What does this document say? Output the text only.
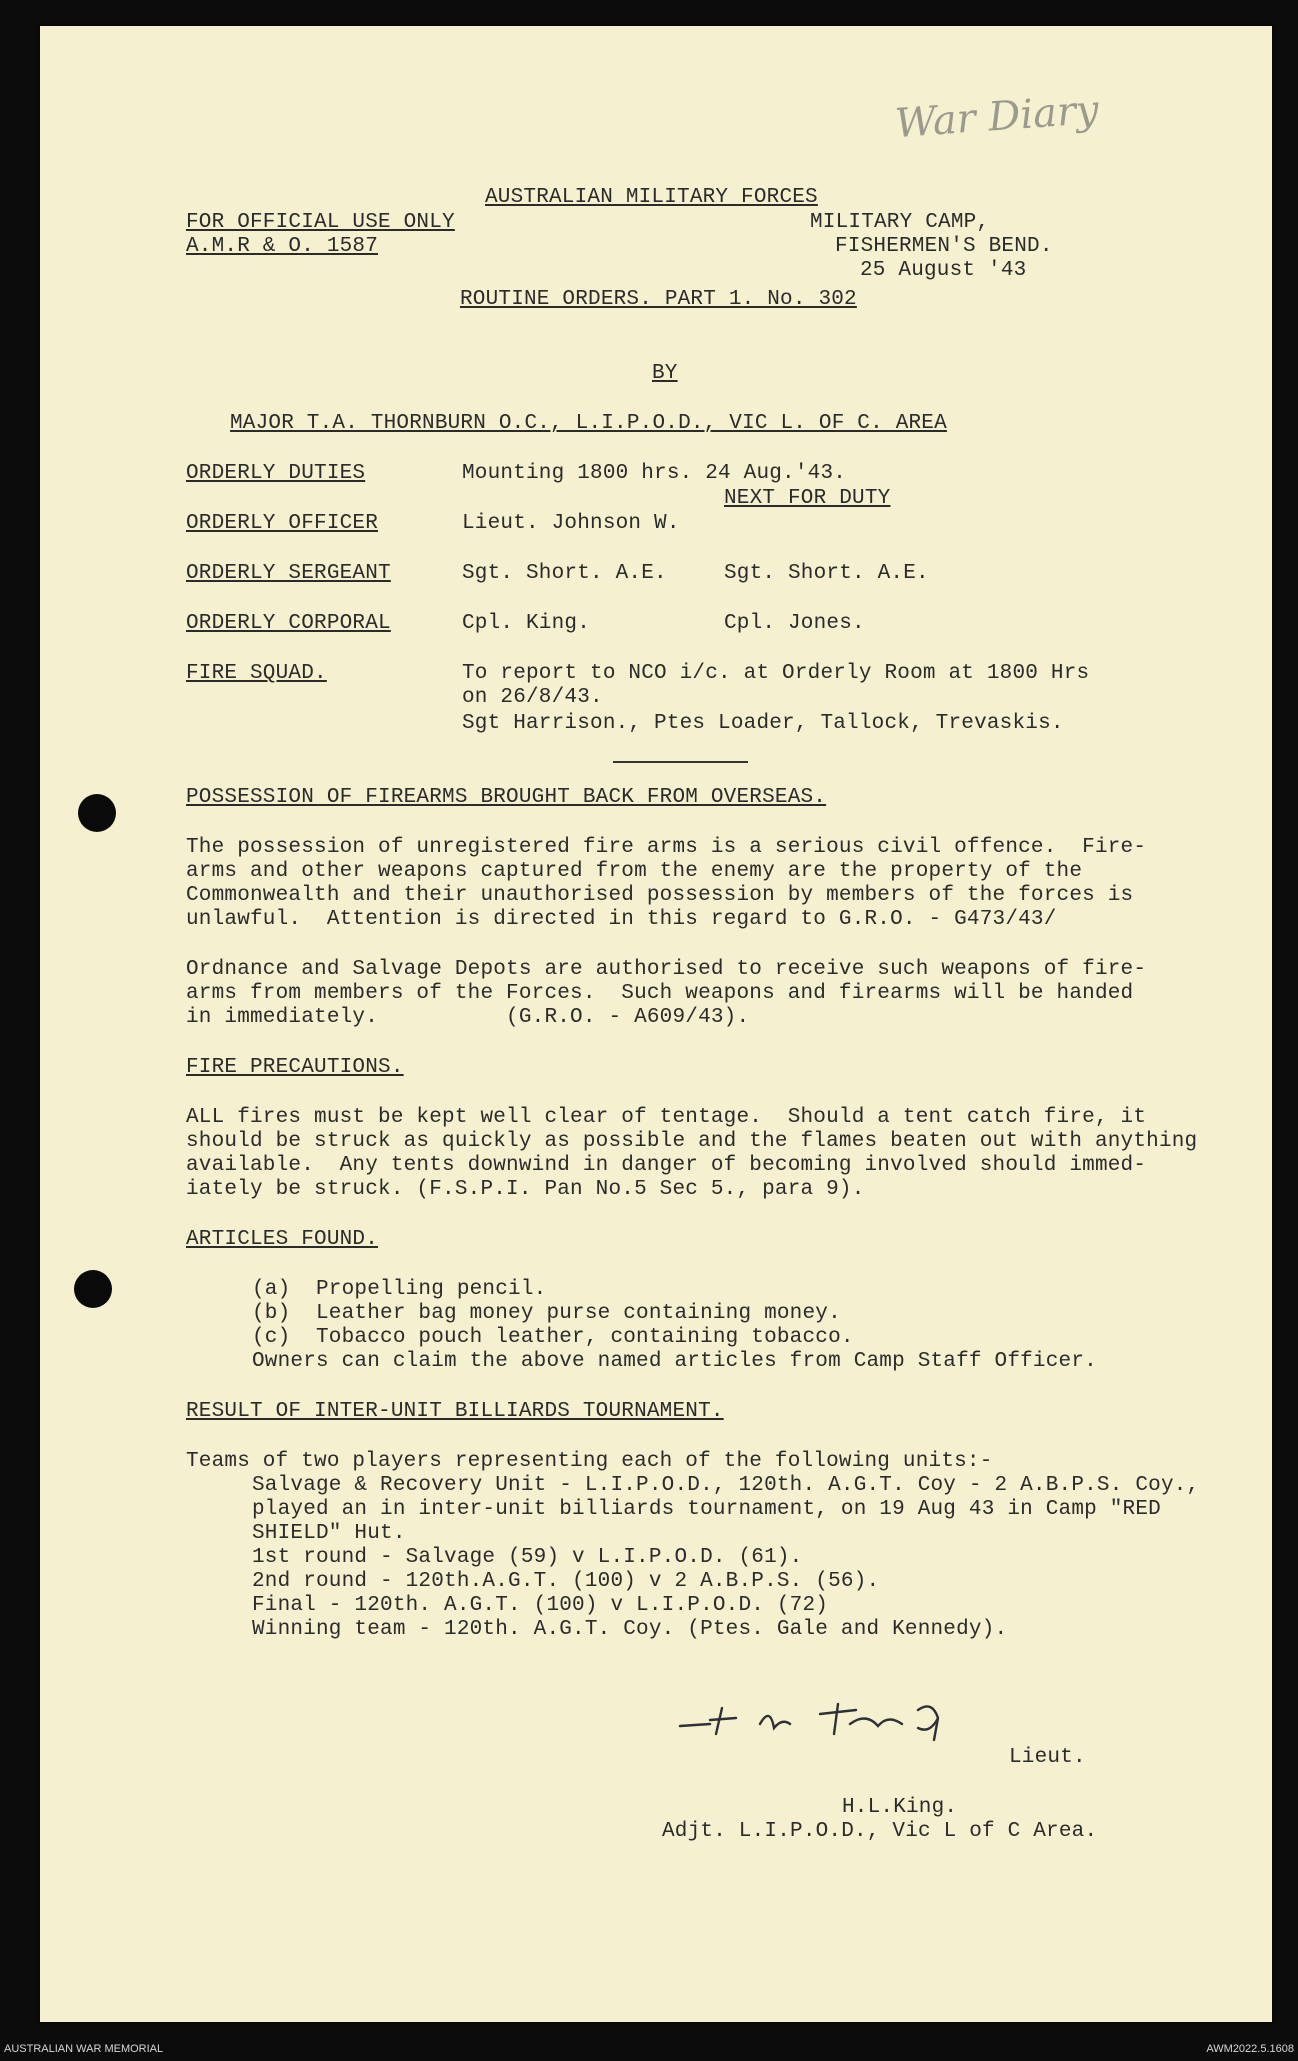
War Diary
AUSTRALIAN MILITARY FORCES
FOR OFFICIAL USE ONLY
A.M.R & O. 1587
MILITARY CAMP,
FISHERMEN'S BEND.
25 August '43
ROUTINE ORDERS. PART 1. No. 302
BY
MAJOR T.A. THORNBURN O.C., L.I.P.O.D., VIC L. OF C. AREA
ORDERLY DUTIES	Mounting 1800 hrs. 24 Aug.'43.
NEXT FOR DUTY
ORDERLY OFFICER	Lieut. Johnson W.
ORDERLY SERGEANT	Sgt. Short. A.E.	Sgt. Short. A.E.
ORDERLY CORPORAL	Cpl. King.	Cpl. Jones.
FIRE SQUAD.	To report to NCO i/c. at Orderly Room at 1800 Hrs
on 26/8/43.
Sgt Harrison., Ptes Loader, Tallock, Trevaskis.
POSSESSION OF FIREARMS BROUGHT BACK FROM OVERSEAS.
The possession of unregistered fire arms is a serious civil offence.  Fire-
arms and other weapons captured from the enemy are the property of the
Commonwealth and their unauthorised possession by members of the forces is
unlawful.  Attention is directed in this regard to G.R.O. - G473/43/
Ordnance and Salvage Depots are authorised to receive such weapons of fire-
arms from members of the Forces.  Such weapons and firearms will be handed
in immediately.          (G.R.O. - A609/43).
FIRE PRECAUTIONS.
ALL fires must be kept well clear of tentage.  Should a tent catch fire, it
should be struck as quickly as possible and the flames beaten out with anything
available.  Any tents downwind in danger of becoming involved should immed-
iately be struck. (F.S.P.I. Pan No.5 Sec 5., para 9).
ARTICLES FOUND.
(a)  Propelling pencil.
(b)  Leather bag money purse containing money.
(c)  Tobacco pouch leather, containing tobacco.
Owners can claim the above named articles from Camp Staff Officer.
RESULT OF INTER-UNIT BILLIARDS TOURNAMENT.
Teams of two players representing each of the following units:-
Salvage & Recovery Unit - L.I.P.O.D., 120th. A.G.T. Coy - 2 A.B.P.S. Coy.,
played an in inter-unit billiards tournament, on 19 Aug 43 in Camp "RED
SHIELD" Hut.
1st round - Salvage (59) v L.I.P.O.D. (61).
2nd round - 120th.A.G.T. (100) v 2 A.B.P.S. (56).
Final - 120th. A.G.T. (100) v L.I.P.O.D. (72)
Winning team - 120th. A.G.T. Coy. (Ptes. Gale and Kennedy).
Lieut.
H.L.King.
Adjt. L.I.P.O.D., Vic L of C Area.
AUSTRALIAN WAR MEMORIAL	AWM2022.5.1608
